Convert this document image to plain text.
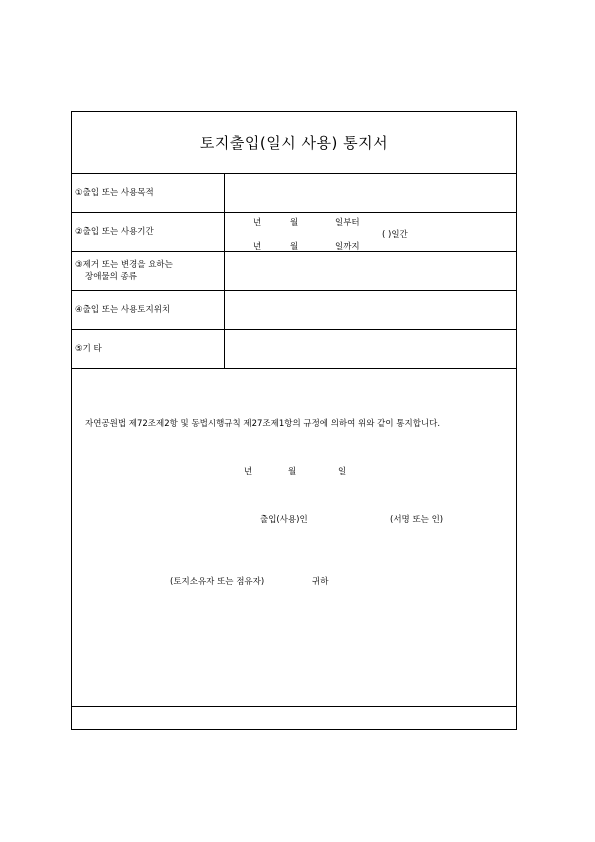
토지출입(일시 사용) 통지서
①출입 또는 사용목적
②출입 또는 사용기간
년	월	일부터
( )일간
년	월	일까지
③제거 또는 변경을 요하는
장애물의 종류
④출입 또는 사용토지위치
⑤기 타
자연공원법 제72조제2항 및 동법시행규칙 제27조제1항의 규정에 의하여 위와 같이 통지합니다.
년	월	일
출입(사용)인	(서명 또는 인)
(토지소유자 또는 점유자)	귀하
